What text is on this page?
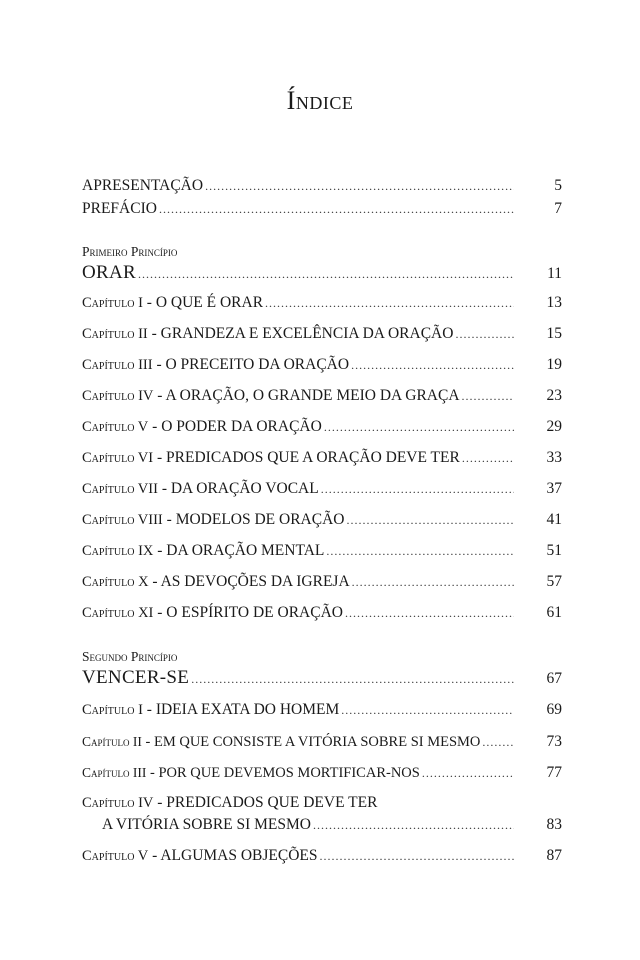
Índice
APRESENTAÇÃO .....	5
PREFÁCIO .....	7
Primeiro Princípio
ORAR .....	11
Capítulo I - O QUE É ORAR .....	13
Capítulo II - GRANDEZA E EXCELÊNCIA DA ORAÇÃO .....	15
Capítulo III - O PRECEITO DA ORAÇÃO .....	19
Capítulo IV - A ORAÇÃO, O GRANDE MEIO DA GRAÇA .....	23
Capítulo V - O PODER DA ORAÇÃO .....	29
Capítulo VI - PREDICADOS QUE A ORAÇÃO DEVE TER .....	33
Capítulo VII - DA ORAÇÃO VOCAL .....	37
Capítulo VIII - MODELOS DE ORAÇÃO .....	41
Capítulo IX - DA ORAÇÃO MENTAL .....	51
Capítulo X - AS DEVOÇÕES DA IGREJA .....	57
Capítulo XI - O ESPÍRITO DE ORAÇÃO .....	61
Segundo Princípio
VENCER-SE .....	67
Capítulo I - IDEIA EXATA DO HOMEM .....	69
Capítulo II - EM QUE CONSISTE A VITÓRIA SOBRE SI MESMO .....	73
Capítulo III - POR QUE DEVEMOS MORTIFICAR-NOS .....	77
Capítulo IV - PREDICADOS QUE DEVE TER
A VITÓRIA SOBRE SI MESMO .....	83
Capítulo V - ALGUMAS OBJEÇÕES .....	87
